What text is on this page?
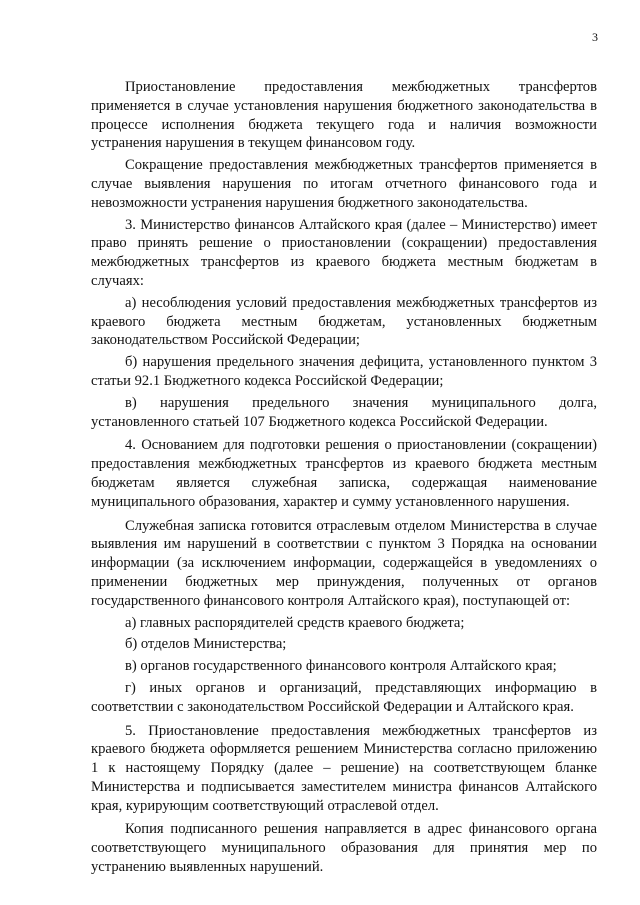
3

Приостановление предоставления межбюджетных трансфертов применяется в случае установления нарушения бюджетного законодательства в процессе исполнения бюджета текущего года и наличия возможности устранения нарушения в текущем финансовом году.

Сокращение предоставления межбюджетных трансфертов применяется в случае выявления нарушения по итогам отчетного финансового года и невозможности устранения нарушения бюджетного законодательства.

3. Министерство финансов Алтайского края (далее – Министерство) имеет право принять решение о приостановлении (сокращении) предоставления межбюджетных трансфертов из краевого бюджета местным бюджетам в случаях:

а) несоблюдения условий предоставления межбюджетных трансфертов из краевого бюджета местным бюджетам, установленных бюджетным законодательством Российской Федерации;

б) нарушения предельного значения дефицита, установленного пунктом 3 статьи 92.1 Бюджетного кодекса Российской Федерации;

в) нарушения предельного значения муниципального долга, установленного статьей 107 Бюджетного кодекса Российской Федерации.

4. Основанием для подготовки решения о приостановлении (сокращении) предоставления межбюджетных трансфертов из краевого бюджета местным бюджетам является служебная записка, содержащая наименование муниципального образования, характер и сумму установленного нарушения.

Служебная записка готовится отраслевым отделом Министерства в случае выявления им нарушений в соответствии с пунктом 3 Порядка на основании информации (за исключением информации, содержащейся в уведомлениях о применении бюджетных мер принуждения, полученных от органов государственного финансового контроля Алтайского края), поступающей от:

а) главных распорядителей средств краевого бюджета;

б) отделов Министерства;

в) органов государственного финансового контроля Алтайского края;

г) иных органов и организаций, представляющих информацию в соответствии с законодательством Российской Федерации и Алтайского края.

5. Приостановление предоставления межбюджетных трансфертов из краевого бюджета оформляется решением Министерства согласно приложению 1 к настоящему Порядку (далее – решение) на соответствующем бланке Министерства и подписывается заместителем министра финансов Алтайского края, курирующим соответствующий отраслевой отдел.

Копия подписанного решения направляется в адрес финансового органа соответствующего муниципального образования для принятия мер по устранению выявленных нарушений.
